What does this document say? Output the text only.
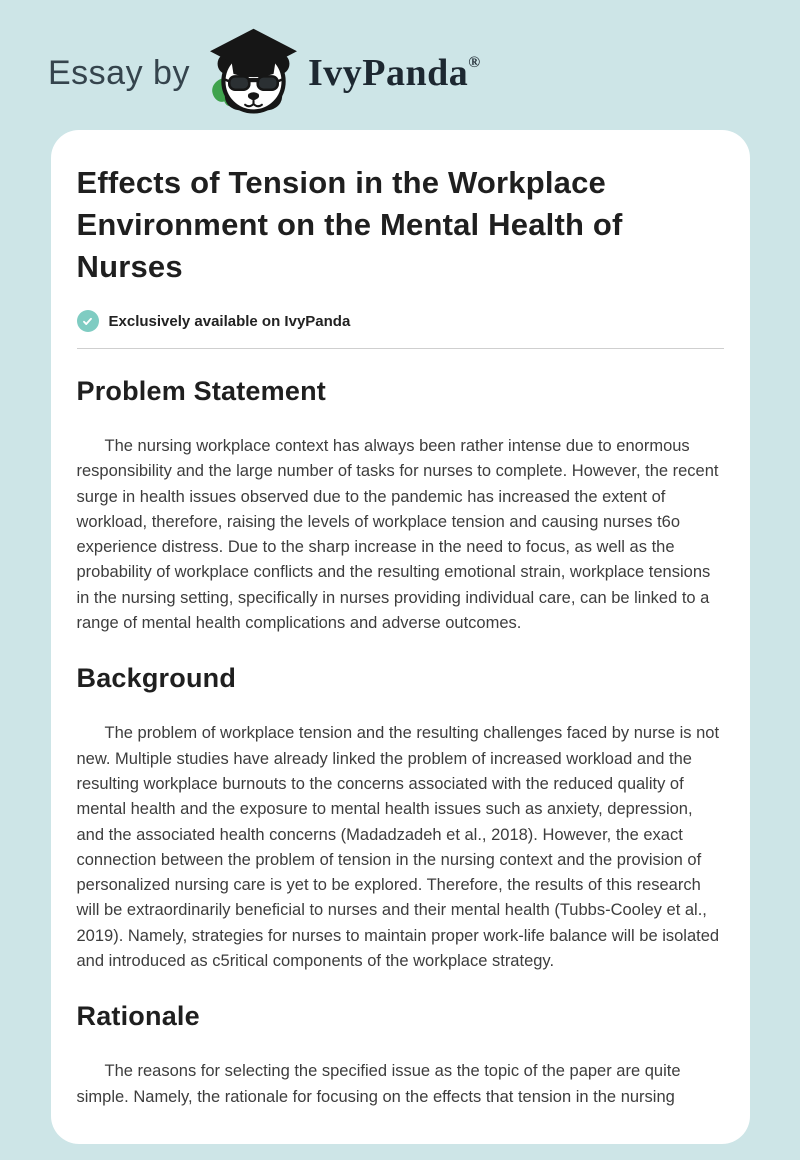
Essay by	IvyPanda®
Effects of Tension in the Workplace Environment on the Mental Health of Nurses
Exclusively available on IvyPanda
Problem Statement

The nursing workplace context has always been rather intense due to enormous responsibility and the large number of tasks for nurses to complete. However, the recent surge in health issues observed due to the pandemic has increased the extent of workload, therefore, raising the levels of workplace tension and causing nurses t6o experience distress. Due to the sharp increase in the need to focus, as well as the probability of workplace conflicts and the resulting emotional strain, workplace tensions in the nursing setting, specifically in nurses providing individual care, can be linked to a range of mental health complications and adverse outcomes.

Background

The problem of workplace tension and the resulting challenges faced by nurse is not new. Multiple studies have already linked the problem of increased workload and the resulting workplace burnouts to the concerns associated with the reduced quality of mental health and the exposure to mental health issues such as anxiety, depression, and the associated health concerns (Madadzadeh et al., 2018). However, the exact connection between the problem of tension in the nursing context and the provision of personalized nursing care is yet to be explored. Therefore, the results of this research will be extraordinarily beneficial to nurses and their mental health (Tubbs-Cooley et al., 2019). Namely, strategies for nurses to maintain proper work-life balance will be isolated and introduced as c5ritical components of the workplace strategy.

Rationale

The reasons for selecting the specified issue as the topic of the paper are quite simple. Namely, the rationale for focusing on the effects that tension in the nursing
